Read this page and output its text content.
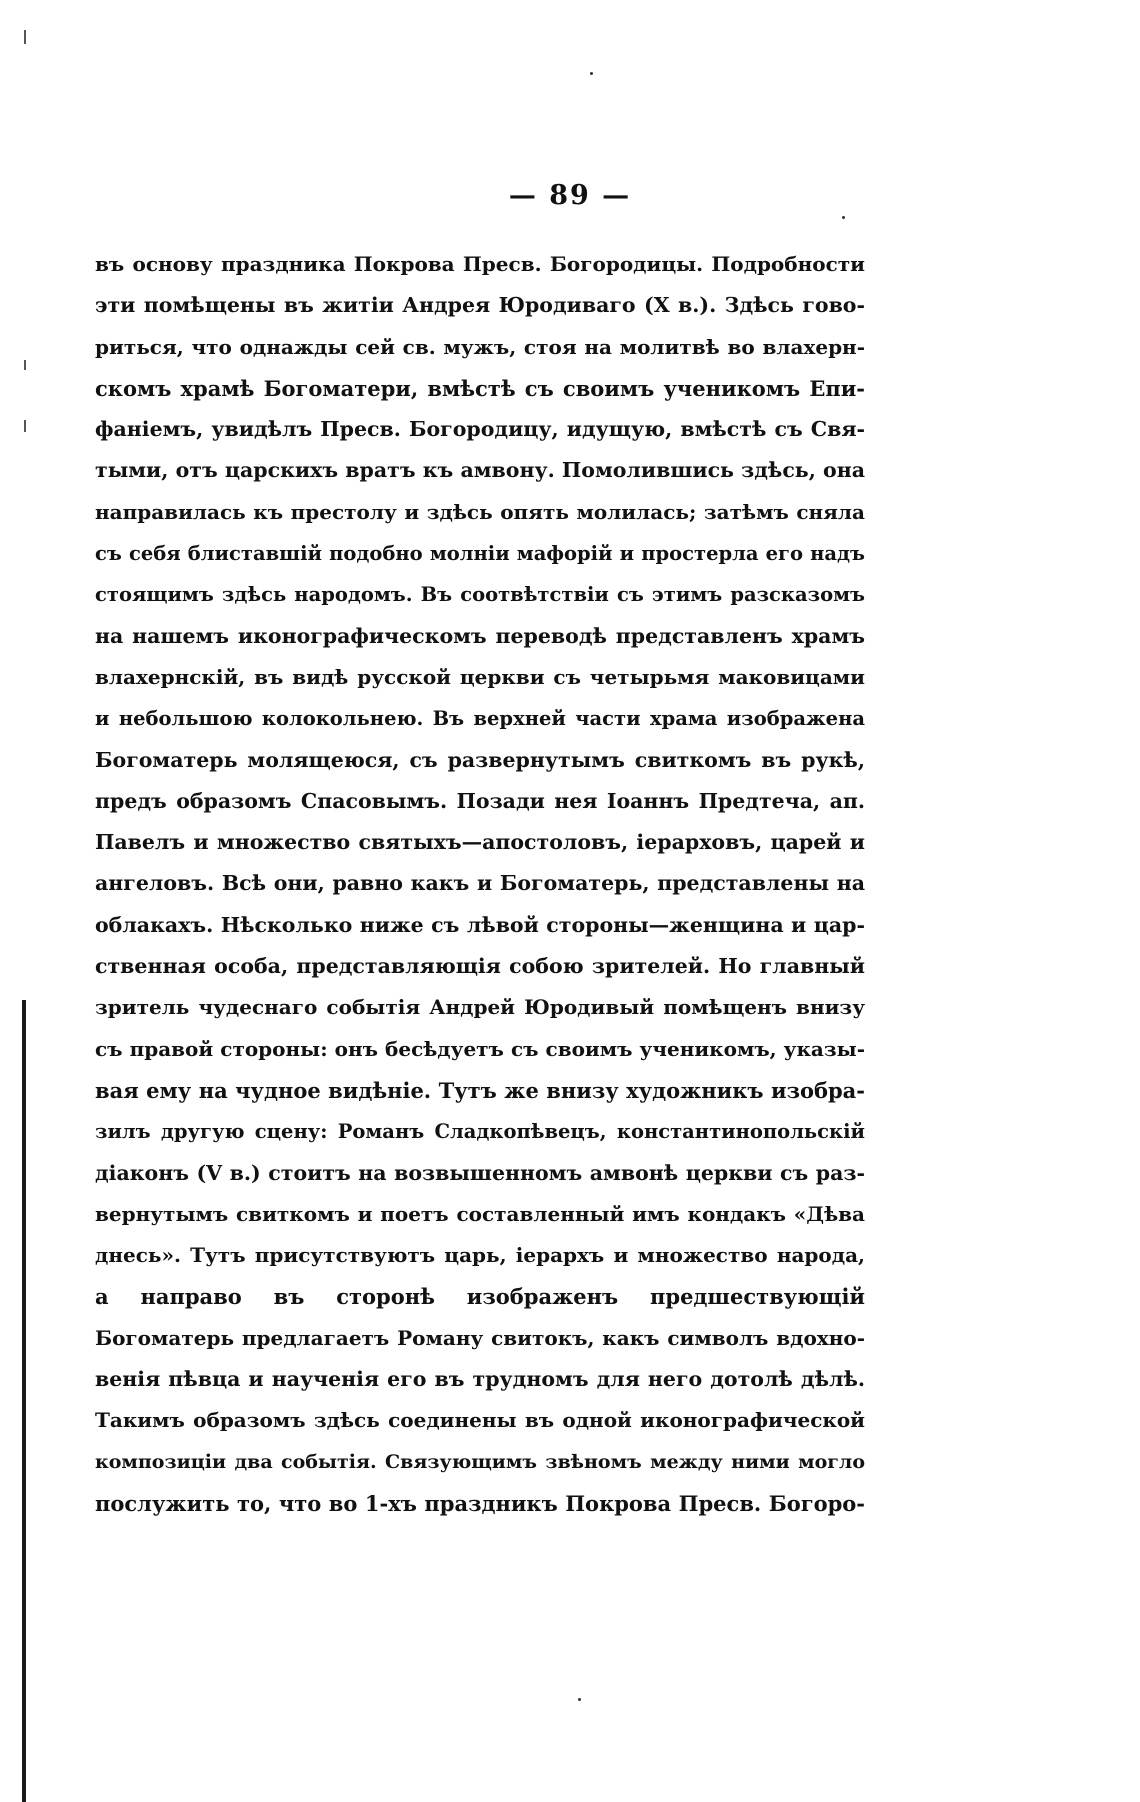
— 89 —
въ основу праздника Покрова Пресв. Богородицы. Подробности
эти помѣщены въ житіи Андрея Юродиваго (X в.). Здѣсь гово-
риться, что однажды сей св. мужъ, стоя на молитвѣ во влахерн-
скомъ храмѣ Богоматери, вмѣстѣ съ своимъ ученикомъ Епи-
фаніемъ, увидѣлъ Пресв. Богородицу, идущую, вмѣстѣ съ Свя-
тыми, отъ царскихъ вратъ къ амвону. Помолившись здѣсь, она
направилась къ престолу и здѣсь опять молилась; затѣмъ сняла
съ себя блиставшій подобно молніи мафорій и простерла его надъ
стоящимъ здѣсь народомъ. Въ соотвѣтствіи съ этимъ разсказомъ
на нашемъ иконографическомъ переводѣ представленъ храмъ
влахернскій, въ видѣ русской церкви съ четырьмя маковицами
и небольшою колокольнею. Въ верхней части храма изображена
Богоматерь молящеюся, съ развернутымъ свиткомъ въ рукѣ,
предъ образомъ Спасовымъ. Позади нея Іоаннъ Предтеча, ап.
Павелъ и множество святыхъ—апостоловъ, іерарховъ, царей и
ангеловъ. Всѣ они, равно какъ и Богоматерь, представлены на
облакахъ. Нѣсколько ниже съ лѣвой стороны—женщина и цар-
ственная особа, представляющія собою зрителей. Но главный
зритель чудеснаго событія Андрей Юродивый помѣщенъ внизу
съ правой стороны: онъ бесѣдуетъ съ своимъ ученикомъ, указы-
вая ему на чудное видѣніе. Тутъ же внизу художникъ изобра-
зилъ другую сцену: Романъ Сладкопѣвецъ, константинопольскій
діаконъ (V в.) стоитъ на возвышенномъ амвонѣ церкви съ раз-
вернутымъ свиткомъ и поетъ составленный имъ кондакъ «Дѣва
днесь». Тутъ присутствуютъ царь, іерархъ и множество народа,
а направо въ сторонѣ изображенъ предшествующій
Богоматерь предлагаетъ Роману свитокъ, какъ символъ вдохно-
венія пѣвца и наученія его въ трудномъ для него дотолѣ дѣлѣ.
Такимъ образомъ здѣсь соединены въ одной иконографической
композиціи два событія. Связующимъ звѣномъ между ними могло
послужить то, что во 1-хъ праздникъ Покрова Пресв. Богоро-
